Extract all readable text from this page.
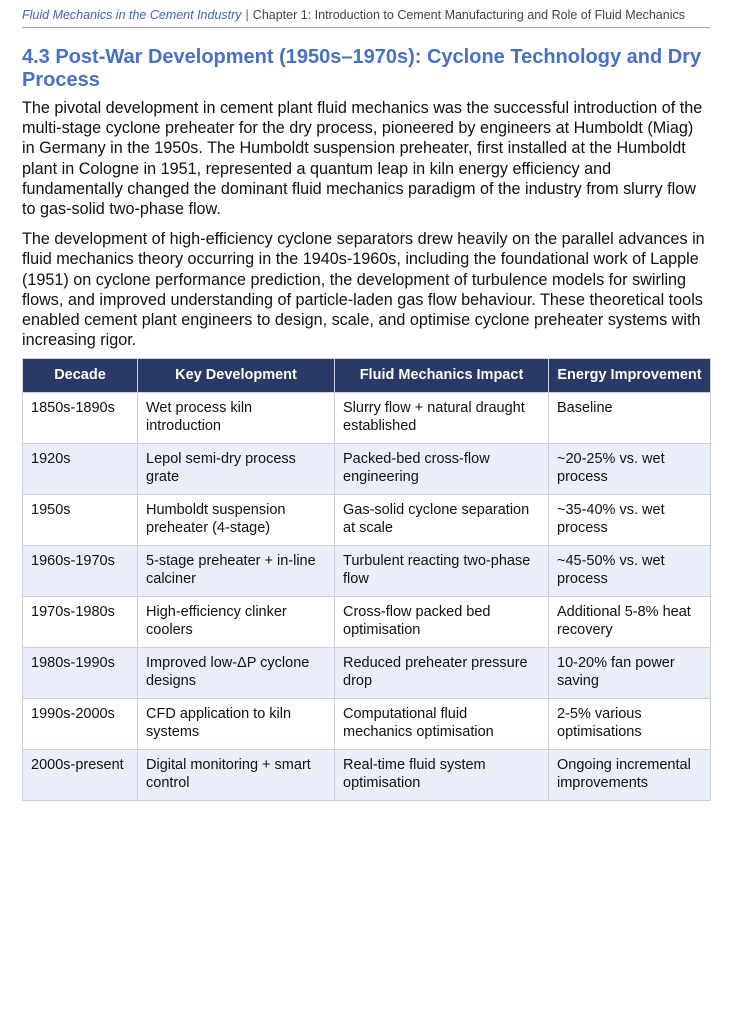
Fluid Mechanics in the Cement Industry | Chapter 1: Introduction to Cement Manufacturing and Role of Fluid Mechanics
4.3 Post-War Development (1950s–1970s): Cyclone Technology and Dry Process

The pivotal development in cement plant fluid mechanics was the successful introduction of the multi-stage cyclone preheater for the dry process, pioneered by engineers at Humboldt (Miag) in Germany in the 1950s. The Humboldt suspension preheater, first installed at the Humboldt plant in Cologne in 1951, represented a quantum leap in kiln energy efficiency and fundamentally changed the dominant fluid mechanics paradigm of the industry from slurry flow to gas-solid two-phase flow.

The development of high-efficiency cyclone separators drew heavily on the parallel advances in fluid mechanics theory occurring in the 1940s-1960s, including the foundational work of Lapple (1951) on cyclone performance prediction, the development of turbulence models for swirling flows, and improved understanding of particle-laden gas flow behaviour. These theoretical tools enabled cement plant engineers to design, scale, and optimise cyclone preheater systems with increasing rigor.

Decade	Key Development	Fluid Mechanics Impact	Energy Improvement
1850s-1890s	Wet process kiln introduction	Slurry flow + natural draught established	Baseline
1920s	Lepol semi-dry process grate	Packed-bed cross-flow engineering	~20-25% vs. wet process
1950s	Humboldt suspension preheater (4-stage)	Gas-solid cyclone separation at scale	~35-40% vs. wet process
1960s-1970s	5-stage preheater + in-line calciner	Turbulent reacting two-phase flow	~45-50% vs. wet process
1970s-1980s	High-efficiency clinker coolers	Cross-flow packed bed optimisation	Additional 5-8% heat recovery
1980s-1990s	Improved low-ΔP cyclone designs	Reduced preheater pressure drop	10-20% fan power saving
1990s-2000s	CFD application to kiln systems	Computational fluid mechanics optimisation	2-5% various optimisations
2000s-present	Digital monitoring + smart control	Real-time fluid system optimisation	Ongoing incremental improvements
